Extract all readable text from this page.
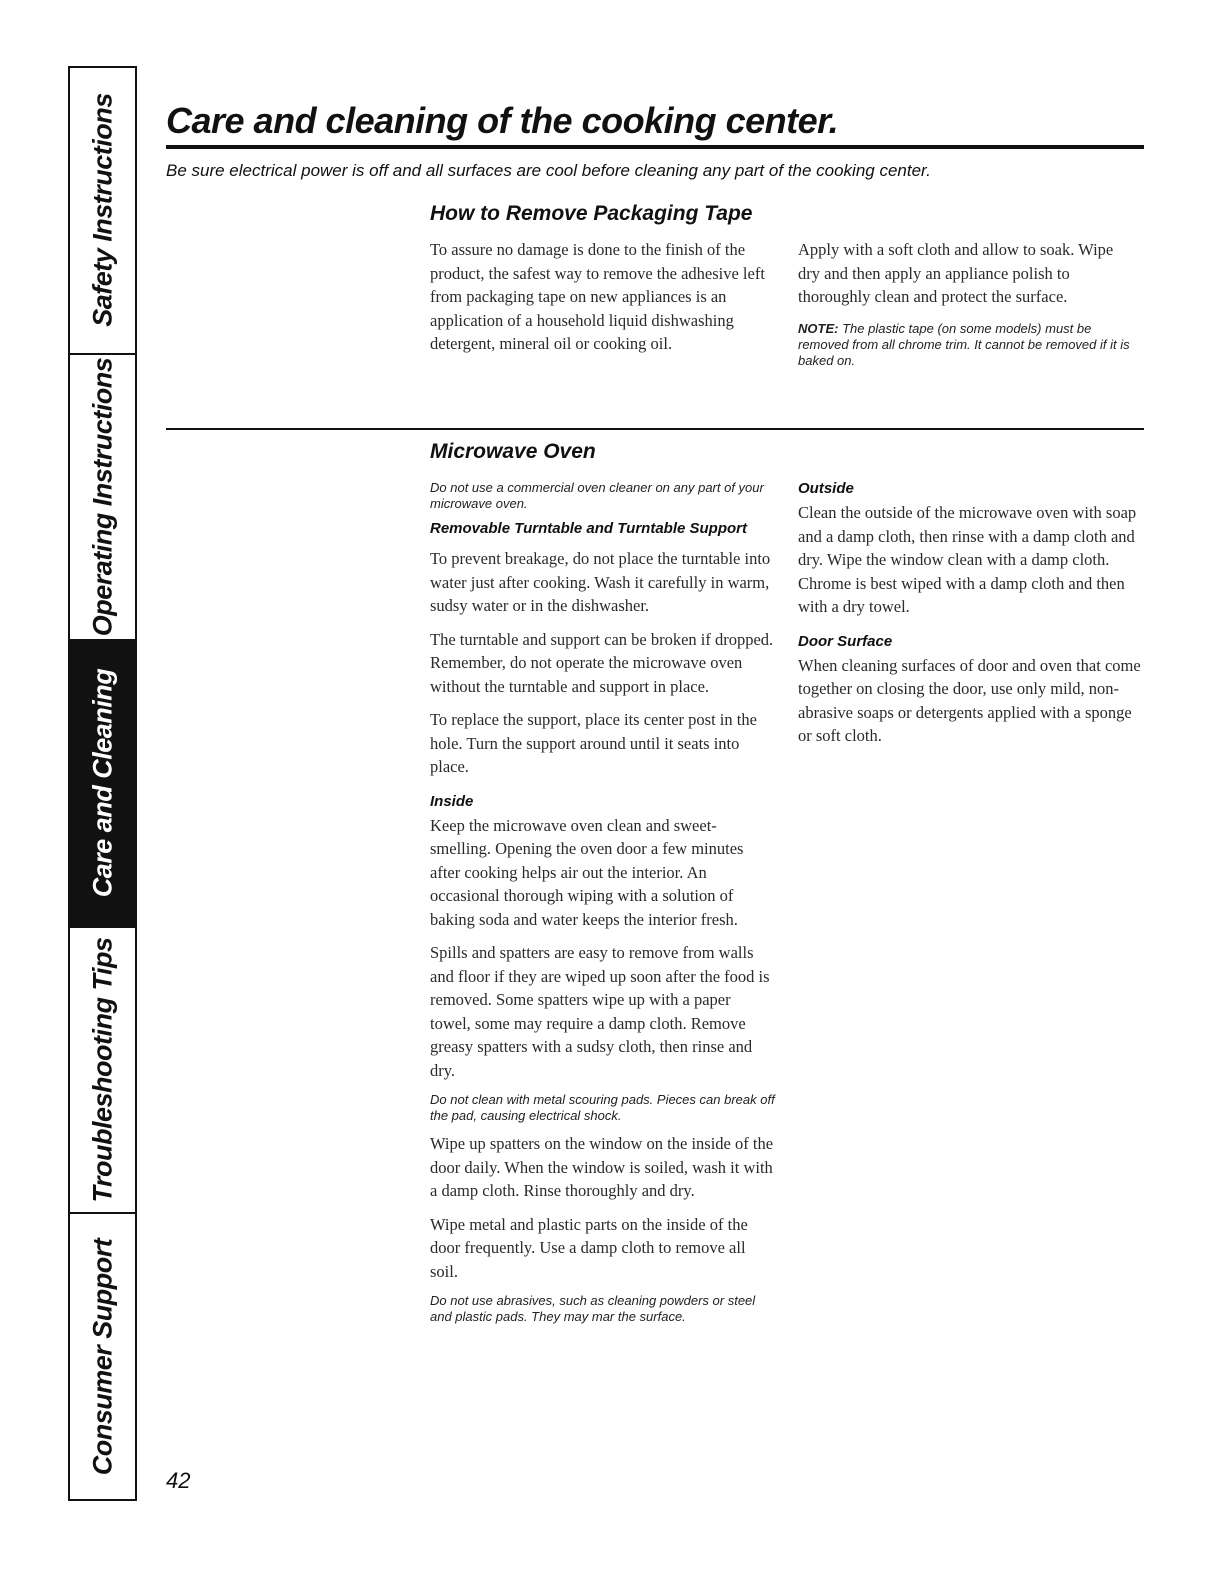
Safety Instructions
Operating Instructions
Care and Cleaning
Troubleshooting Tips
Consumer Support
Care and cleaning of the cooking center.

Be sure electrical power is off and all surfaces are cool before cleaning any part of the cooking center.

How to Remove Packaging Tape

To assure no damage is done to the finish of the product, the safest way to remove the adhesive left from packaging tape on new appliances is an application of a household liquid dishwashing detergent, mineral oil or cooking oil.

Apply with a soft cloth and allow to soak. Wipe dry and then apply an appliance polish to thoroughly clean and protect the surface.

NOTE: The plastic tape (on some models) must be removed from all chrome trim. It cannot be removed if it is baked on.

Microwave Oven

Do not use a commercial oven cleaner on any part of your microwave oven.

Removable Turntable and Turntable Support

To prevent breakage, do not place the turntable into water just after cooking. Wash it carefully in warm, sudsy water or in the dishwasher.

The turntable and support can be broken if dropped. Remember, do not operate the microwave oven without the turntable and support in place.

To replace the support, place its center post in the hole. Turn the support around until it seats into place.

Inside

Keep the microwave oven clean and sweet-smelling. Opening the oven door a few minutes after cooking helps air out the interior. An occasional thorough wiping with a solution of baking soda and water keeps the interior fresh.

Spills and spatters are easy to remove from walls and floor if they are wiped up soon after the food is removed. Some spatters wipe up with a paper towel, some may require a damp cloth. Remove greasy spatters with a sudsy cloth, then rinse and dry.

Do not clean with metal scouring pads. Pieces can break off the pad, causing electrical shock.

Wipe up spatters on the window on the inside of the door daily. When the window is soiled, wash it with a damp cloth. Rinse thoroughly and dry.

Wipe metal and plastic parts on the inside of the door frequently. Use a damp cloth to remove all soil.

Do not use abrasives, such as cleaning powders or steel and plastic pads. They may mar the surface.

Outside

Clean the outside of the microwave oven with soap and a damp cloth, then rinse with a damp cloth and dry. Wipe the window clean with a damp cloth. Chrome is best wiped with a damp cloth and then with a dry towel.

Door Surface

When cleaning surfaces of door and oven that come together on closing the door, use only mild, non-abrasive soaps or detergents applied with a sponge or soft cloth.

42
